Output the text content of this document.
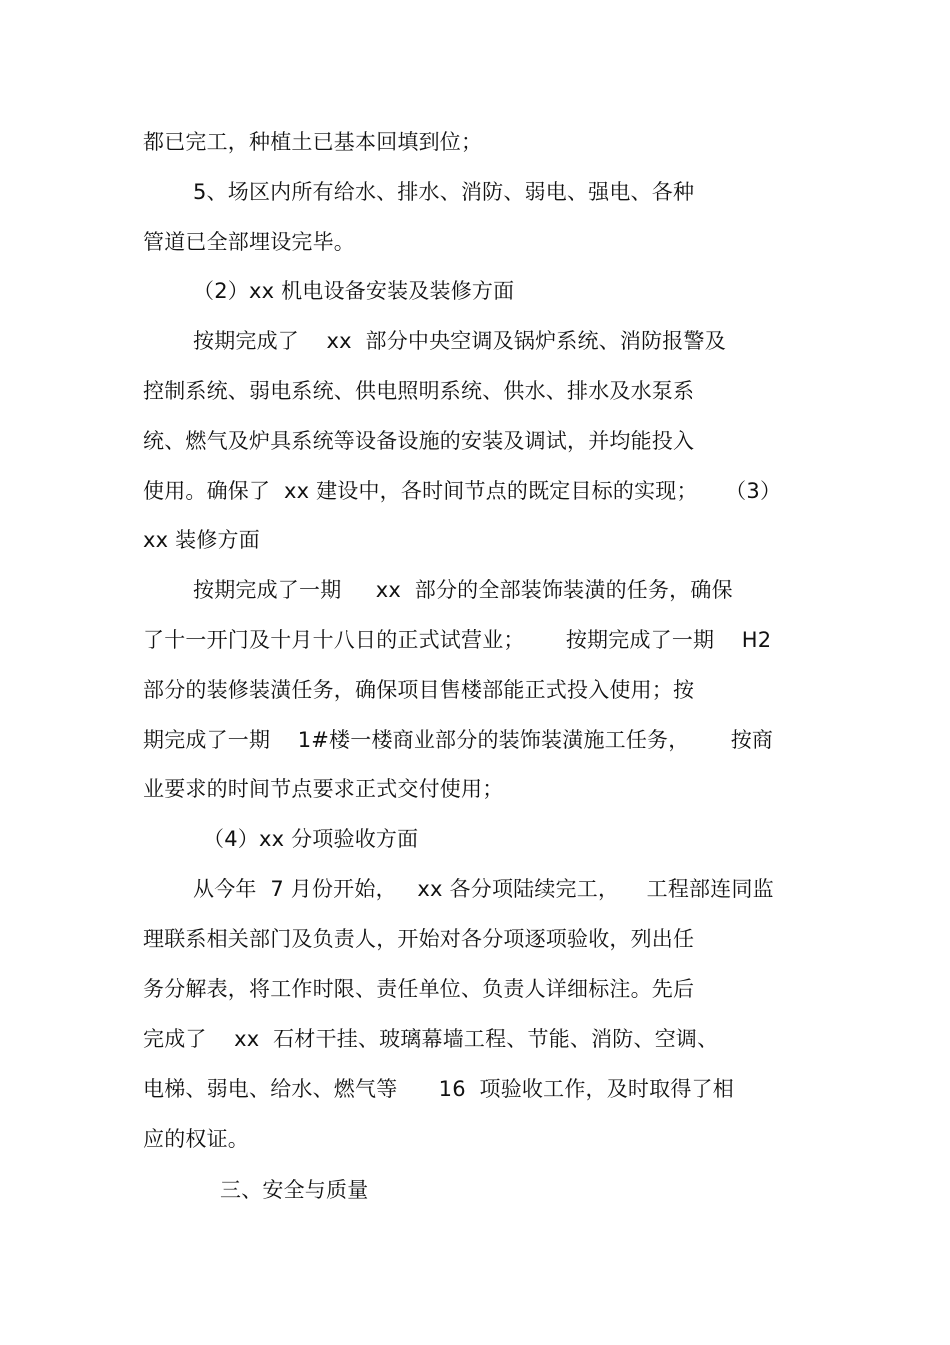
都已完工，种植土已基本回填到位；
5、场区内所有给水、排水、消防、弱电、强电、各种
管道已全部埋设完毕。
（2）xx 机电设备安装及装修方面
按期完成了    xx  部分中央空调及锅炉系统、消防报警及
控制系统、弱电系统、供电照明系统、供水、排水及水泵系
统、燃气及炉具系统等设备设施的安装及调试，并均能投入
使用。确保了  xx 建设中，各时间节点的既定目标的实现；    （3）
xx 装修方面
按期完成了一期     xx  部分的全部装饰装潢的任务，确保
了十一开门及十月十八日的正式试营业；      按期完成了一期    H2
部分的装修装潢任务，确保项目售楼部能正式投入使用；按
期完成了一期    1#楼一楼商业部分的装饰装潢施工任务，      按商
业要求的时间节点要求正式交付使用；
（4）xx 分项验收方面
从今年  7 月份开始，   xx 各分项陆续完工，    工程部连同监
理联系相关部门及负责人，开始对各分项逐项验收，列出任
务分解表，将工作时限、责任单位、负责人详细标注。先后
完成了    xx  石材干挂、玻璃幕墙工程、节能、消防、空调、
电梯、弱电、给水、燃气等      16  项验收工作，及时取得了相
应的权证。
三、安全与质量
